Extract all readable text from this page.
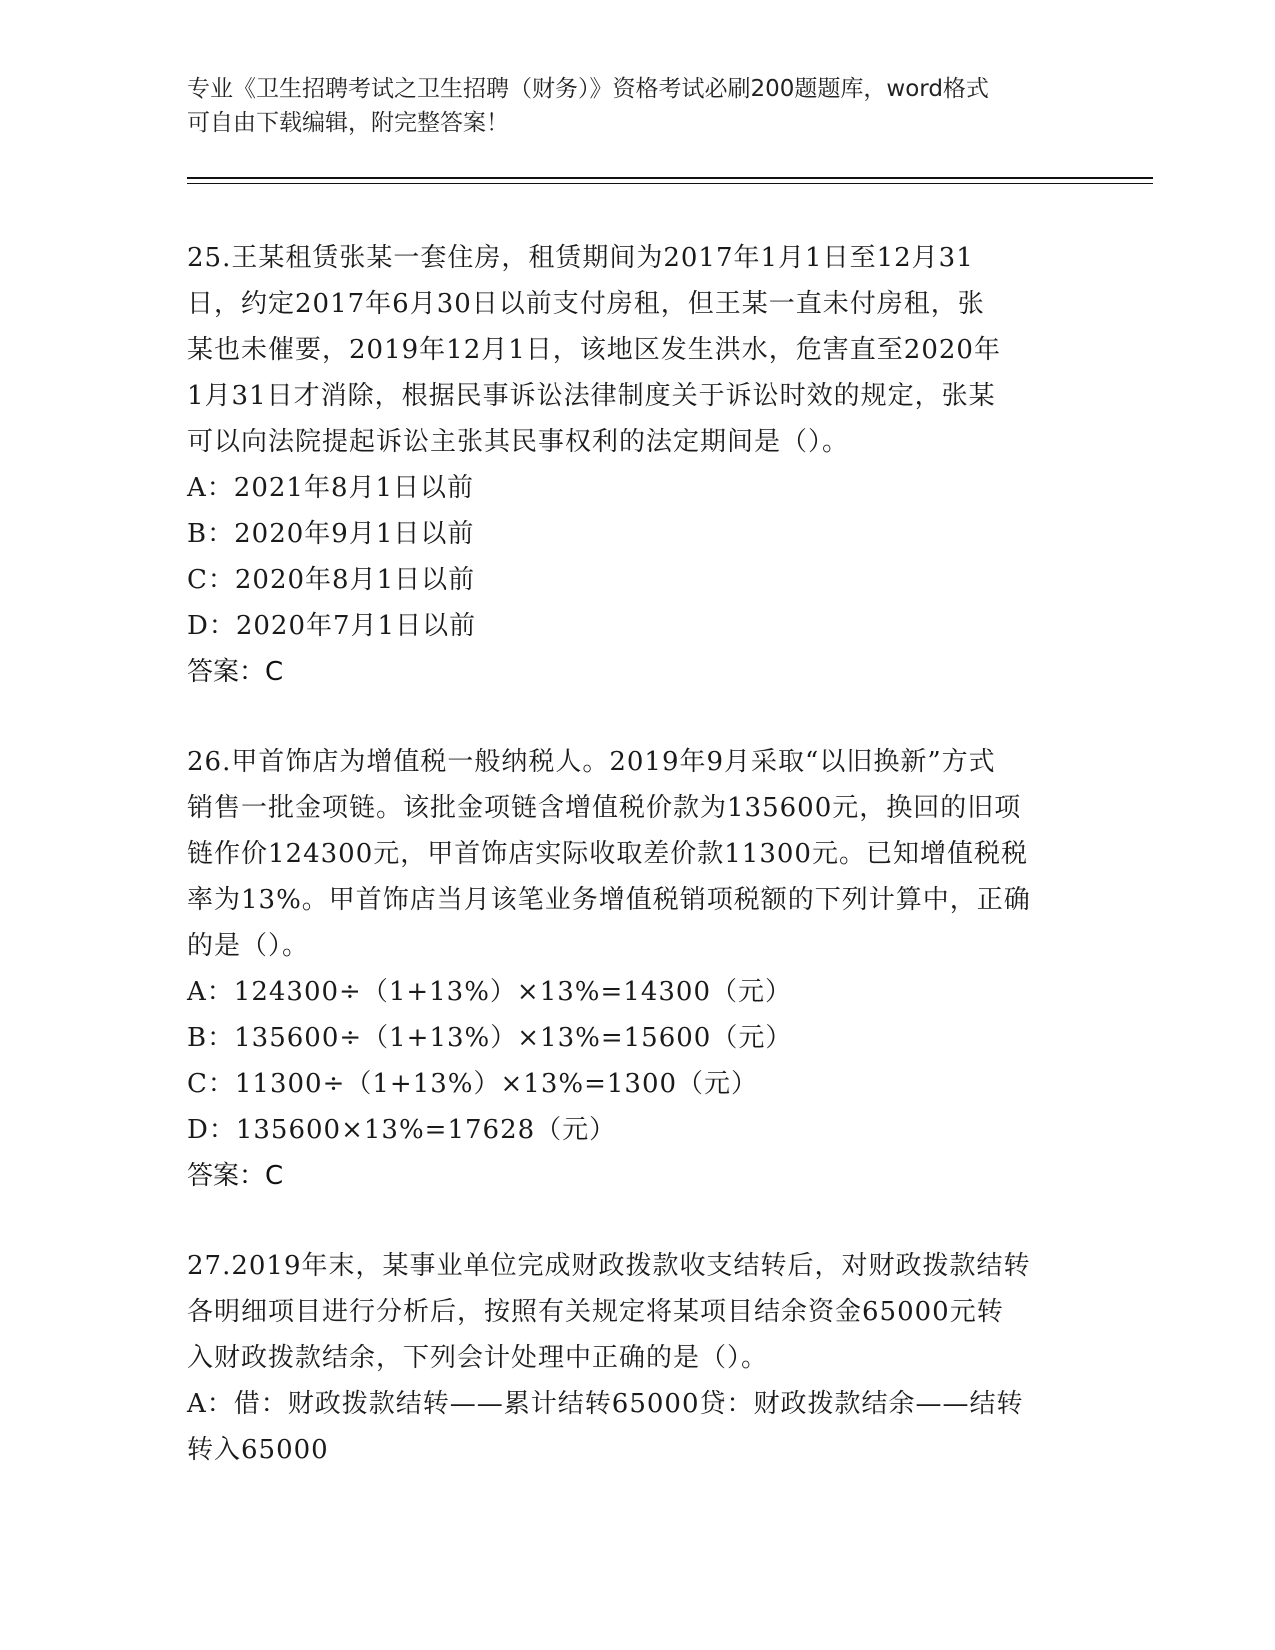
专业《卫生招聘考试之卫生招聘（财务）》资格考试必刷200题题库，word格式
可自由下载编辑，附完整答案！
25.王某租赁张某一套住房，租赁期间为2017年1月1日至12月31
日，约定2017年6月30日以前支付房租，但王某一直未付房租，张
某也未催要，2019年12月1日，该地区发生洪水，危害直至2020年
1月31日才消除，根据民事诉讼法律制度关于诉讼时效的规定，张某
可以向法院提起诉讼主张其民事权利的法定期间是（）。
A：2021年8月1日以前
B：2020年9月1日以前
C：2020年8月1日以前
D：2020年7月1日以前
答案：C
26.甲首饰店为增值税一般纳税人。2019年9月采取“以旧换新”方式
销售一批金项链。该批金项链含增值税价款为135600元，换回的旧项
链作价124300元，甲首饰店实际收取差价款11300元。已知增值税税
率为13%。甲首饰店当月该笔业务增值税销项税额的下列计算中，正确
的是（）。
A：124300÷（1+13%）×13%=14300（元）
B：135600÷（1+13%）×13%=15600（元）
C：11300÷（1+13%）×13%=1300（元）
D：135600×13%=17628（元）
答案：C
27.2019年末，某事业单位完成财政拨款收支结转后，对财政拨款结转
各明细项目进行分析后，按照有关规定将某项目结余资金65000元转
入财政拨款结余，下列会计处理中正确的是（）。
A：借：财政拨款结转——累计结转65000贷：财政拨款结余——结转
转入65000
